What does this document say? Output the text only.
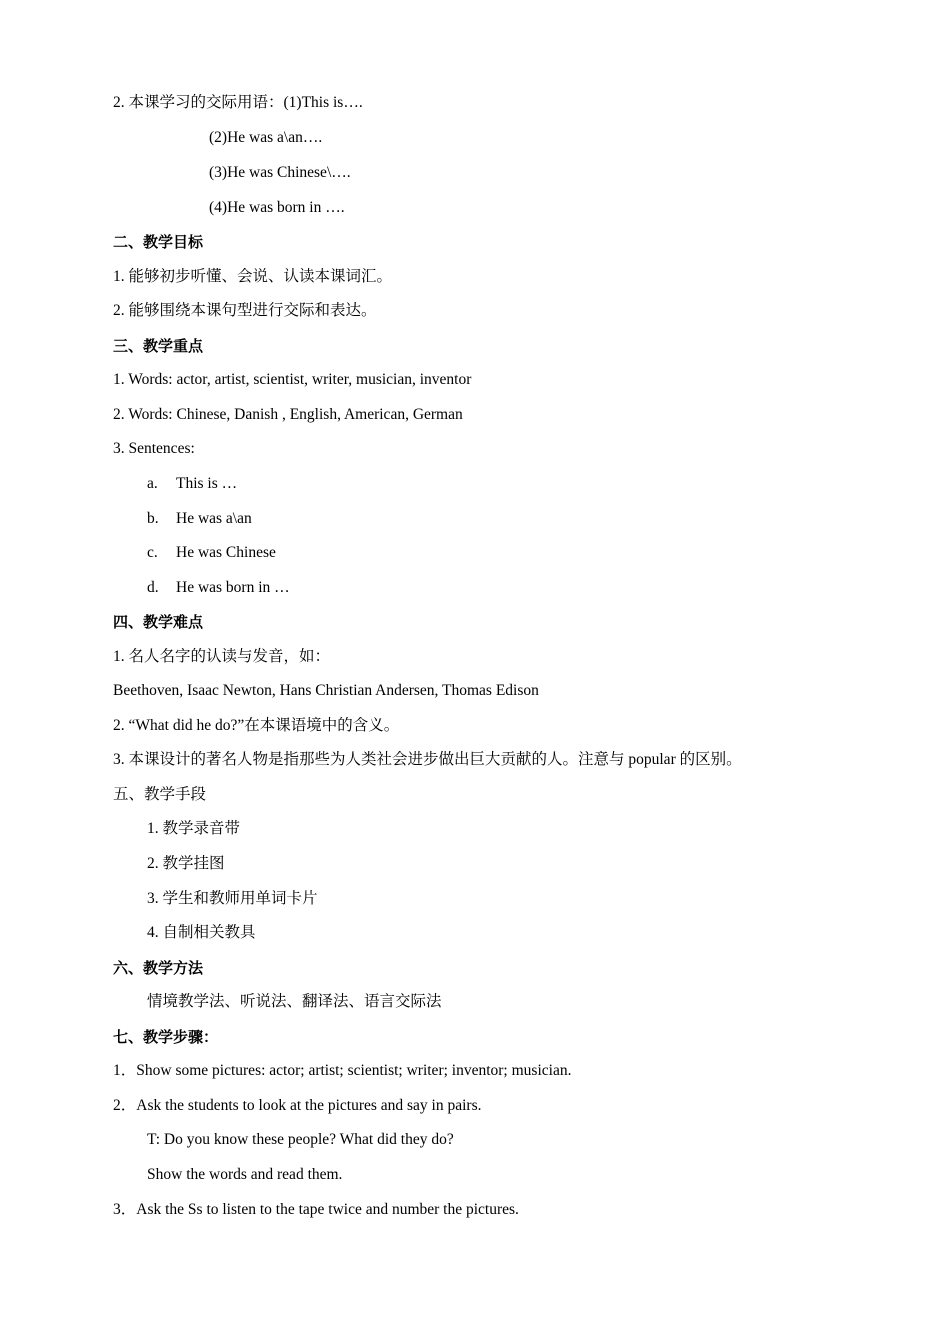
2. 本课学习的交际用语：(1)This is….
(2)He was a\an….
(3)He was Chinese\….
(4)He was born in ….
二、教学目标
1. 能够初步听懂、会说、认读本课词汇。
2. 能够围绕本课句型进行交际和表达。
三、教学重点
1. Words: actor, artist, scientist, writer, musician, inventor
2. Words: Chinese, Danish , English, American, German
3. Sentences:
a. This is …
b. He was a\an
c. He was Chinese
d. He was born in …
四、教学难点
1. 名人名字的认读与发音，如：
Beethoven, Isaac Newton, Hans Christian Andersen, Thomas Edison
2. “What did he do?”在本课语境中的含义。
3. 本课设计的著名人物是指那些为人类社会进步做出巨大贡献的人。注意与 popular 的区别。
五、教学手段
1. 教学录音带
2. 教学挂图
3. 学生和教师用单词卡片
4. 自制相关教具
六、教学方法
情境教学法、听说法、翻译法、语言交际法
七、教学步骤：
1．Show some pictures: actor; artist; scientist; writer; inventor; musician.
2．Ask the students to look at the pictures and say in pairs.
T: Do you know these people? What did they do?
Show the words and read them.
3．Ask the Ss to listen to the tape twice and number the pictures.
